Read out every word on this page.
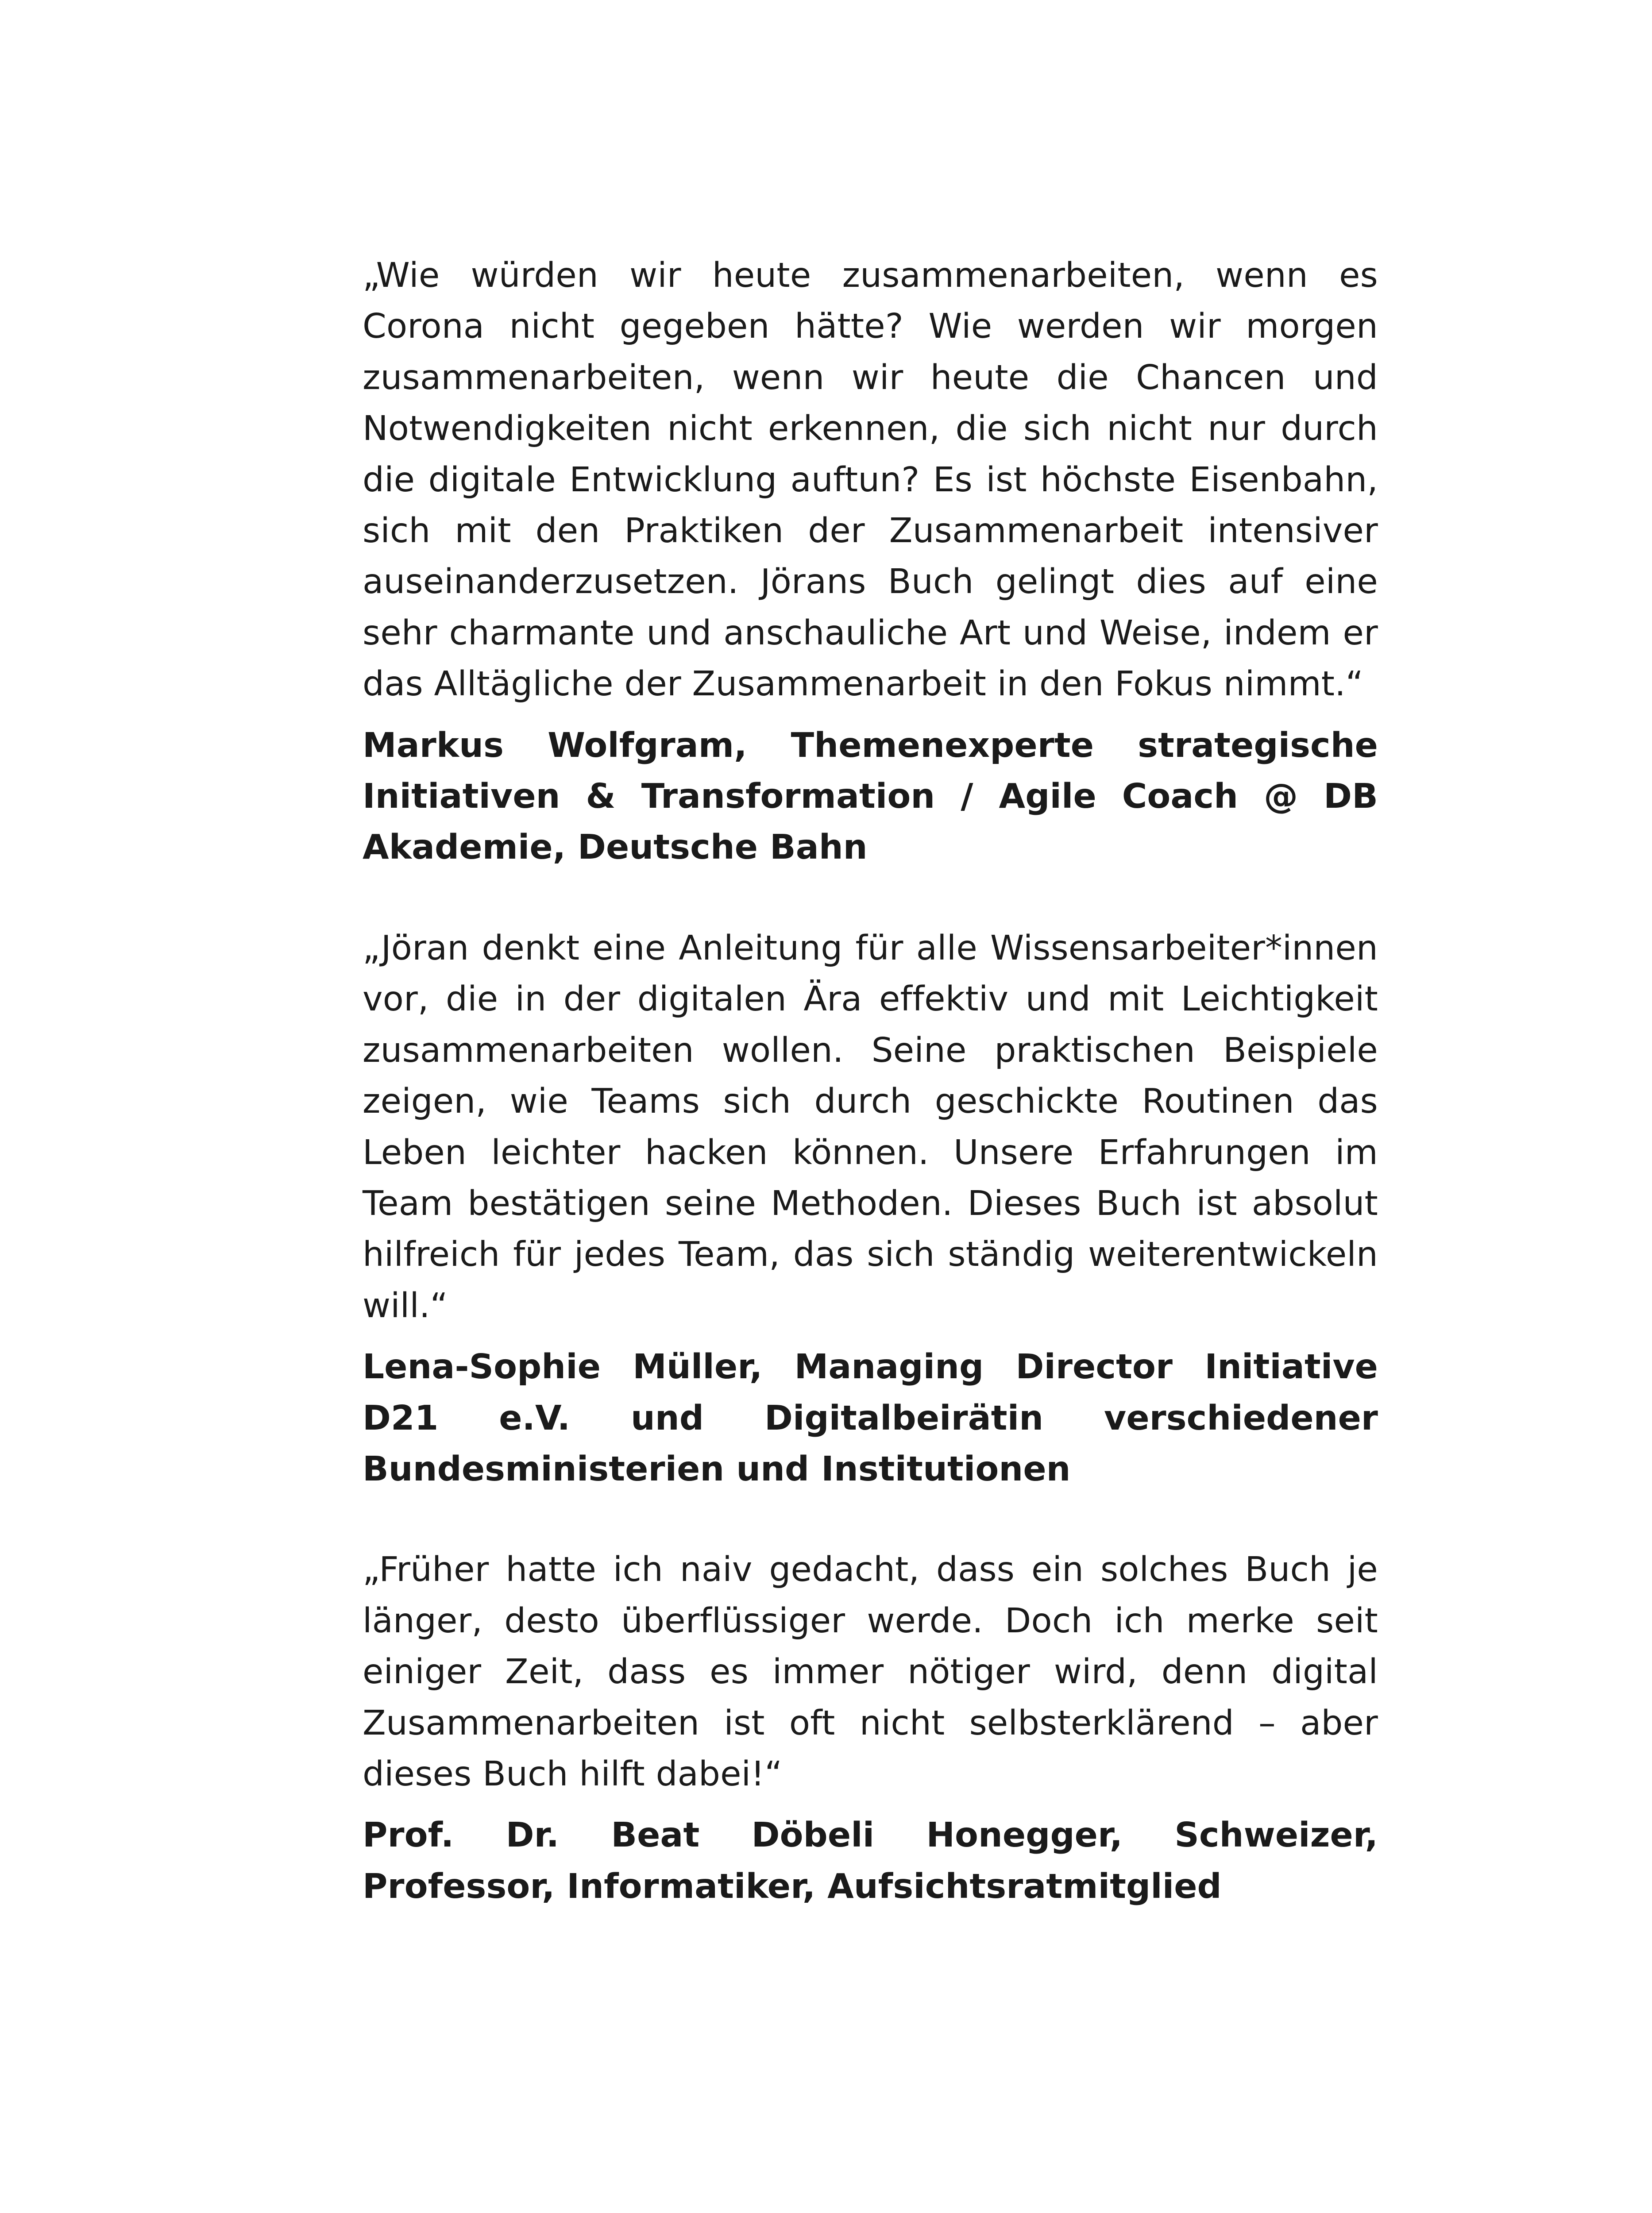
„Wie würden wir heute zusammenarbeiten, wenn es Corona nicht gegeben hätte? Wie werden wir morgen zusammenarbeiten, wenn wir heute die Chancen und Notwendigkeiten nicht erkennen, die sich nicht nur durch die digitale Entwicklung auftun? Es ist höchste Eisenbahn, sich mit den Praktiken der Zusammenarbeit intensiver auseinanderzusetzen. Jörans Buch gelingt dies auf eine sehr charmante und anschauliche Art und Weise, indem er das Alltägliche der Zusammenarbeit in den Fokus nimmt.“

Markus Wolfgram, Themenexperte strategische Initiativen & Transformation / Agile Coach @ DB Akademie, Deutsche Bahn

„Jöran denkt eine Anleitung für alle Wissensarbeiter*innen vor, die in der digitalen Ära effektiv und mit Leichtigkeit zusammenarbeiten wollen. Seine praktischen Beispiele zeigen, wie Teams sich durch geschickte Routinen das Leben leichter hacken können. Unsere Erfahrungen im Team bestätigen seine Methoden. Dieses Buch ist absolut hilfreich für jedes Team, das sich ständig weiterentwickeln will.“

Lena-Sophie Müller, Managing Director Initiative D21 e.V. und Digitalbeirätin verschiedener Bundesministerien und Institutionen

„Früher hatte ich naiv gedacht, dass ein solches Buch je länger, desto überflüssiger werde. Doch ich merke seit einiger Zeit, dass es immer nötiger wird, denn digital Zusammenarbeiten ist oft nicht selbsterklärend – aber dieses Buch hilft dabei!“

Prof. Dr. Beat Döbeli Honegger, Schweizer, Professor, Informatiker, Aufsichtsratmitglied
